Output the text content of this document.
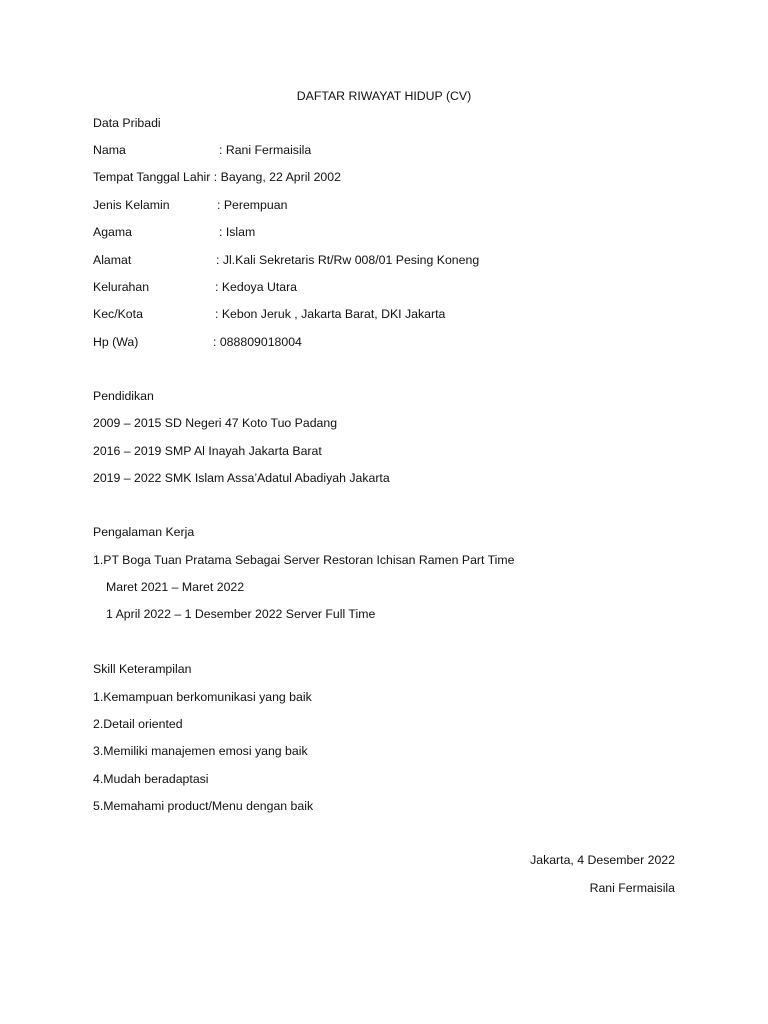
DAFTAR RIWAYAT HIDUP (CV)
Data Pribadi
Nama	: Rani Fermaisila
Tempat Tanggal Lahir : Bayang, 22 April 2002
Jenis Kelamin	: Perempuan
Agama	: Islam
Alamat	: Jl.Kali Sekretaris Rt/Rw 008/01 Pesing Koneng
Kelurahan	: Kedoya Utara
Kec/Kota	: Kebon Jeruk , Jakarta Barat, DKI Jakarta
Hp (Wa)	: 088809018004
Pendidikan
2009 – 2015 SD Negeri 47 Koto Tuo Padang
2016 – 2019 SMP Al Inayah Jakarta Barat
2019 – 2022 SMK Islam Assa’Adatul Abadiyah Jakarta
Pengalaman Kerja
1.PT Boga Tuan Pratama Sebagai Server Restoran Ichisan Ramen Part Time
Maret 2021 – Maret 2022
1 April 2022 – 1 Desember 2022 Server Full Time
Skill Keterampilan
1.Kemampuan berkomunikasi yang baik
2.Detail oriented
3.Memiliki manajemen emosi yang baik
4.Mudah beradaptasi
5.Memahami product/Menu dengan baik
Jakarta, 4 Desember 2022
Rani Fermaisila
